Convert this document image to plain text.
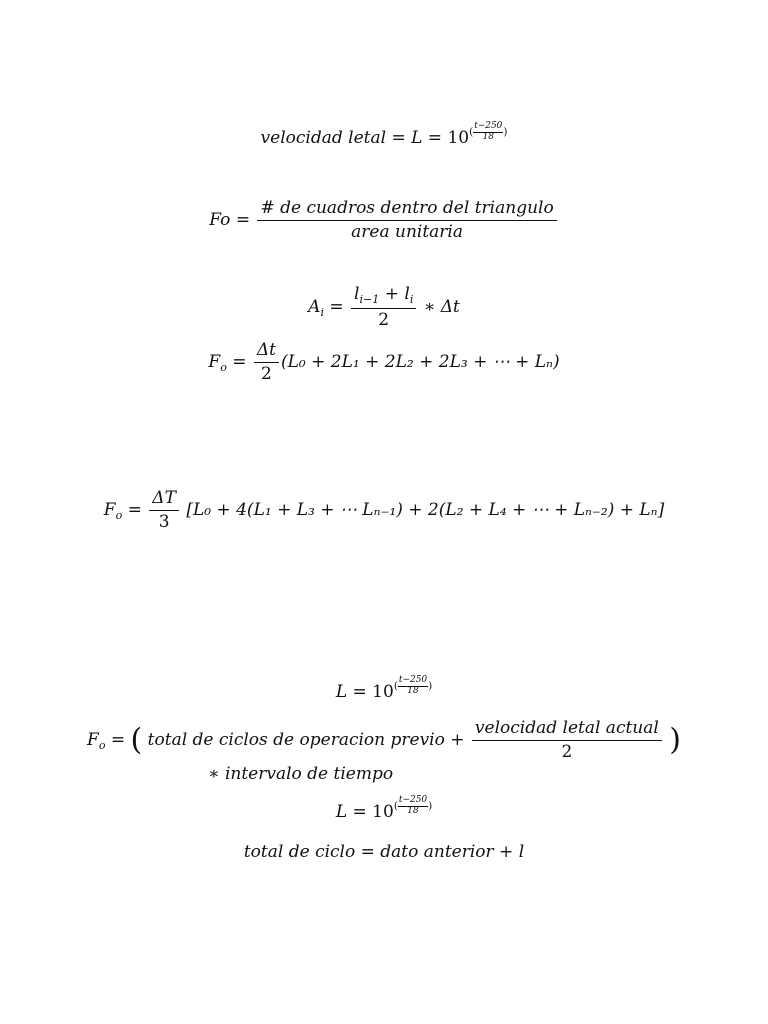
velocidad letal = $L = 10( \frac{t-250}{18}$ )
$Fo = \frac{\text{\# de cuadros dentro del triangulo}}{\text{area unitaria}}$
$A_i = \frac{l_{i-1} + l_i}{2}$ ∗ Δt
$F_o = \frac{\Delta t}{2} (L_0 + 2L_1 + 2L_2 + 2L_3$ + ⋯ + Lₙ)
$F_o = \frac{\Delta T}{3} [L_0 + 4(L_1 + L_3$ + ⋯ Lₙ₋₁) + 2(L₂ + L₄ + ⋯ + Lₙ₋₂) + Lₙ]
$L = 10( \frac{t-250}{18}$ )
$F_o$ = ( total de ciclos de operacion previo + $\frac{\text{velocidad letal actual}}{2}$ )
∗ intervalo de tiempo
$L = 10( \frac{t-250}{18}$ )
total de ciclo = dato anterior + l
